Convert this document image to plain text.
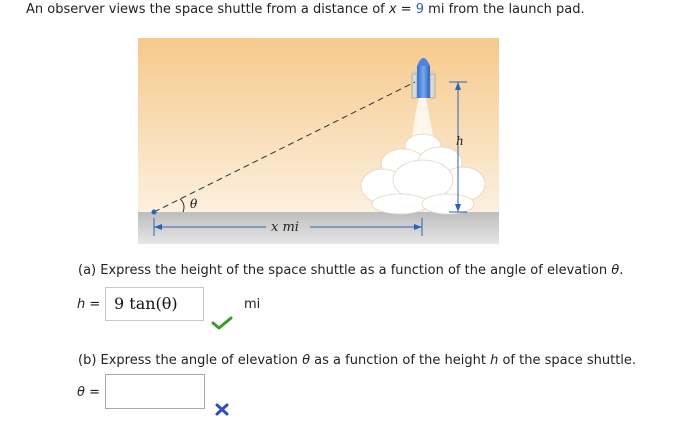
An observer views the space shuttle from a distance of x = 9 mi from the launch pad.
θ
x mi
h
(a) Express the height of the space shuttle as a function of the angle of elevation θ.
h = 9 tan(θ)	mi
(b) Express the angle of elevation θ as a function of the height h of the space shuttle.
θ =
